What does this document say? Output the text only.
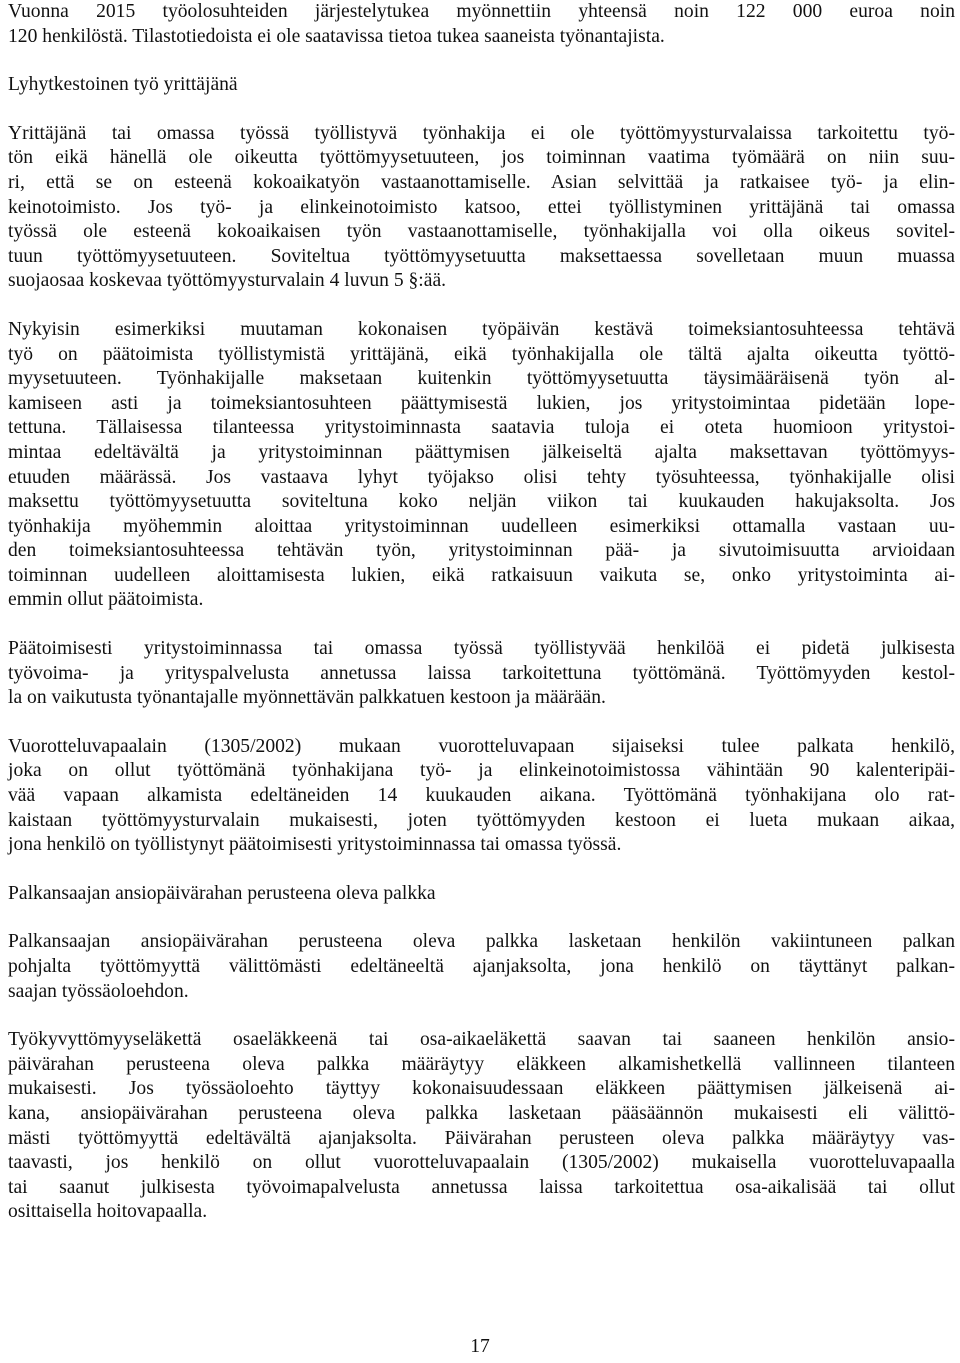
Vuonna 2015 työolosuhteiden järjestelytukea myönnettiin yhteensä noin 122 000 euroa noin
120 henkilöstä. Tilastotiedoista ei ole saatavissa tietoa tukea saaneista työnantajista.
Lyhytkestoinen työ yrittäjänä
Yrittäjänä tai omassa työssä työllistyvä työnhakija ei ole työttömyysturvalaissa tarkoitettu työ-
tön eikä hänellä ole oikeutta työttömyysetuuteen, jos toiminnan vaatima työmäärä on niin suu-
ri, että se on esteenä kokoaikatyön vastaanottamiselle. Asian selvittää ja ratkaisee työ- ja elin-
keinotoimisto. Jos työ- ja elinkeinotoimisto katsoo, ettei työllistyminen yrittäjänä tai omassa
työssä ole esteenä kokoaikaisen työn vastaanottamiselle, työnhakijalla voi olla oikeus sovitel-
tuun työttömyysetuuteen. Soviteltua työttömyysetuutta maksettaessa sovelletaan muun muassa
suojaosaa koskevaa työttömyysturvalain 4 luvun 5 §:ää.
Nykyisin esimerkiksi muutaman kokonaisen työpäivän kestävä toimeksiantosuhteessa tehtävä
työ on päätoimista työllistymistä yrittäjänä, eikä työnhakijalla ole tältä ajalta oikeutta työttö-
myysetuuteen. Työnhakijalle maksetaan kuitenkin työttömyysetuutta täysimääräisenä työn al-
kamiseen asti ja toimeksiantosuhteen päättymisestä lukien, jos yritystoimintaa pidetään lope-
tettuna. Tällaisessa tilanteessa yritystoiminnasta saatavia tuloja ei oteta huomioon yritystoi-
mintaa edeltävältä ja yritystoiminnan päättymisen jälkeiseltä ajalta maksettavan työttömyys-
etuuden määrässä. Jos vastaava lyhyt työjakso olisi tehty työsuhteessa, työnhakijalle olisi
maksettu työttömyysetuutta soviteltuna koko neljän viikon tai kuukauden hakujaksolta. Jos
työnhakija myöhemmin aloittaa yritystoiminnan uudelleen esimerkiksi ottamalla vastaan uu-
den toimeksiantosuhteessa tehtävän työn, yritystoiminnan pää- ja sivutoimisuutta arvioidaan
toiminnan uudelleen aloittamisesta lukien, eikä ratkaisuun vaikuta se, onko yritystoiminta ai-
emmin ollut päätoimista.
Päätoimisesti yritystoiminnassa tai omassa työssä työllistyvää henkilöä ei pidetä julkisesta
työvoima- ja yrityspalvelusta annetussa laissa tarkoitettuna työttömänä. Työttömyyden kestol-
la on vaikutusta työnantajalle myönnettävän palkkatuen kestoon ja määrään.
Vuorotteluvapaalain (1305/2002) mukaan vuorotteluvapaan sijaiseksi tulee palkata henkilö,
joka on ollut työttömänä työnhakijana työ- ja elinkeinotoimistossa vähintään 90 kalenteripäi-
vää vapaan alkamista edeltäneiden 14 kuukauden aikana. Työttömänä työnhakijana olo rat-
kaistaan työttömyysturvalain mukaisesti, joten työttömyyden kestoon ei lueta mukaan aikaa,
jona henkilö on työllistynyt päätoimisesti yritystoiminnassa tai omassa työssä.
Palkansaajan ansiopäivärahan perusteena oleva palkka
Palkansaajan ansiopäivärahan perusteena oleva palkka lasketaan henkilön vakiintuneen palkan
pohjalta työttömyyttä välittömästi edeltäneeltä ajanjaksolta, jona henkilö on täyttänyt palkan-
saajan työssäoloehdon.
Työkyvyttömyyseläkettä osaeläkkeenä tai osa-aikaeläkettä saavan tai saaneen henkilön ansio-
päivärahan perusteena oleva palkka määräytyy eläkkeen alkamishetkellä vallinneen tilanteen
mukaisesti. Jos työssäoloehto täyttyy kokonaisuudessaan eläkkeen päättymisen jälkeisenä ai-
kana, ansiopäivärahan perusteena oleva palkka lasketaan pääsäännön mukaisesti eli välittö-
mästi työttömyyttä edeltävältä ajanjaksolta. Päivärahan perusteen oleva palkka määräytyy vas-
taavasti, jos henkilö on ollut vuorotteluvapaalain (1305/2002) mukaisella vuorotteluvapaalla
tai saanut julkisesta työvoimapalvelusta annetussa laissa tarkoitettua osa-aikalisää tai ollut
osittaisella hoitovapaalla.
17
